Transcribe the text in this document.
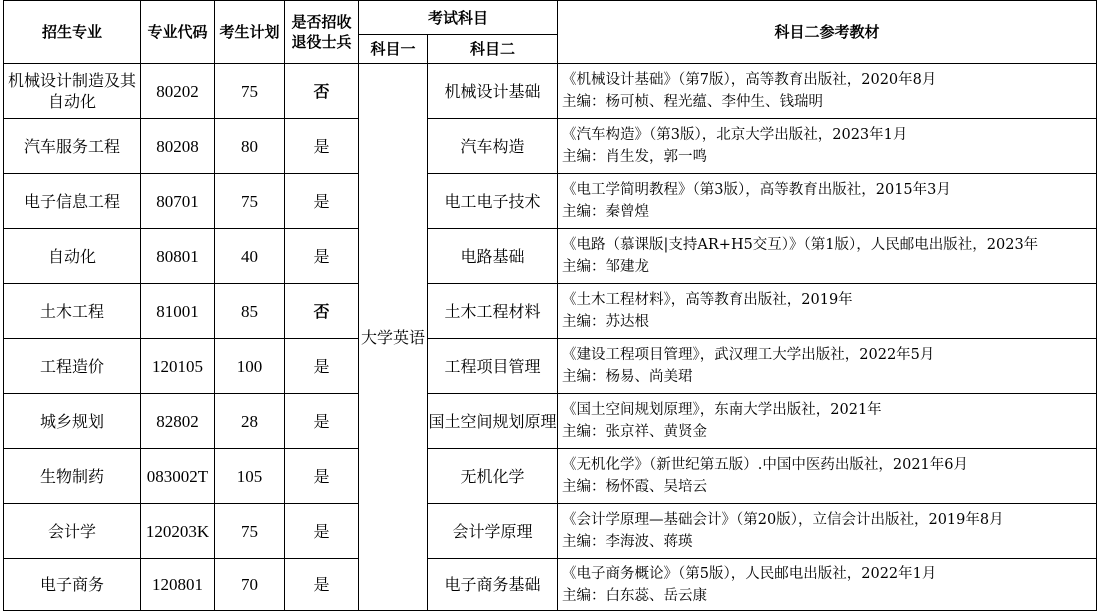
招生专业	专业代码	考生计划	是否招收退役士兵	考试科目		科目二参考教材
				科目一	科目二	
机械设计制造及其自动化	80202	75	否	大学英语	机械设计基础	《机械设计基础》（第7版），高等教育出版社，2020年8月
主编：杨可桢、程光蕴、李仲生、钱瑞明

汽车服务工程	80208	80	是		汽车构造	《汽车构造》（第3版），北京大学出版社，2023年1月
主编：肖生发，郭一鸣

电子信息工程	80701	75	是		电工电子技术	《电工学简明教程》（第3版），高等教育出版社，2015年3月
主编：秦曾煌

自动化	80801	40	是		电路基础	《电路（慕课版|支持AR+H5交互）》（第1版），人民邮电出版社，2023年
主编：邹建龙

土木工程	81001	85	否		土木工程材料	《土木工程材料》，高等教育出版社，2019年
主编：苏达根

工程造价	120105	100	是		工程项目管理	《建设工程项目管理》，武汉理工大学出版社，2022年5月
主编：杨易、尚美珺

城乡规划	82802	28	是		国土空间规划原理	《国土空间规划原理》，东南大学出版社，2021年
主编：张京祥、黄贤金

生物制药	083002T	105	是		无机化学	《无机化学》（新世纪第五版）.中国中医药出版社，2021年6月
主编：杨怀霞、吴培云

会计学	120203K	75	是		会计学原理	《会计学原理—基础会计》（第20版），立信会计出版社，2019年8月
主编：李海波、蒋瑛

电子商务	120801	70	是		电子商务基础	《电子商务概论》（第5版），人民邮电出版社，2022年1月
主编：白东蕊、岳云康
